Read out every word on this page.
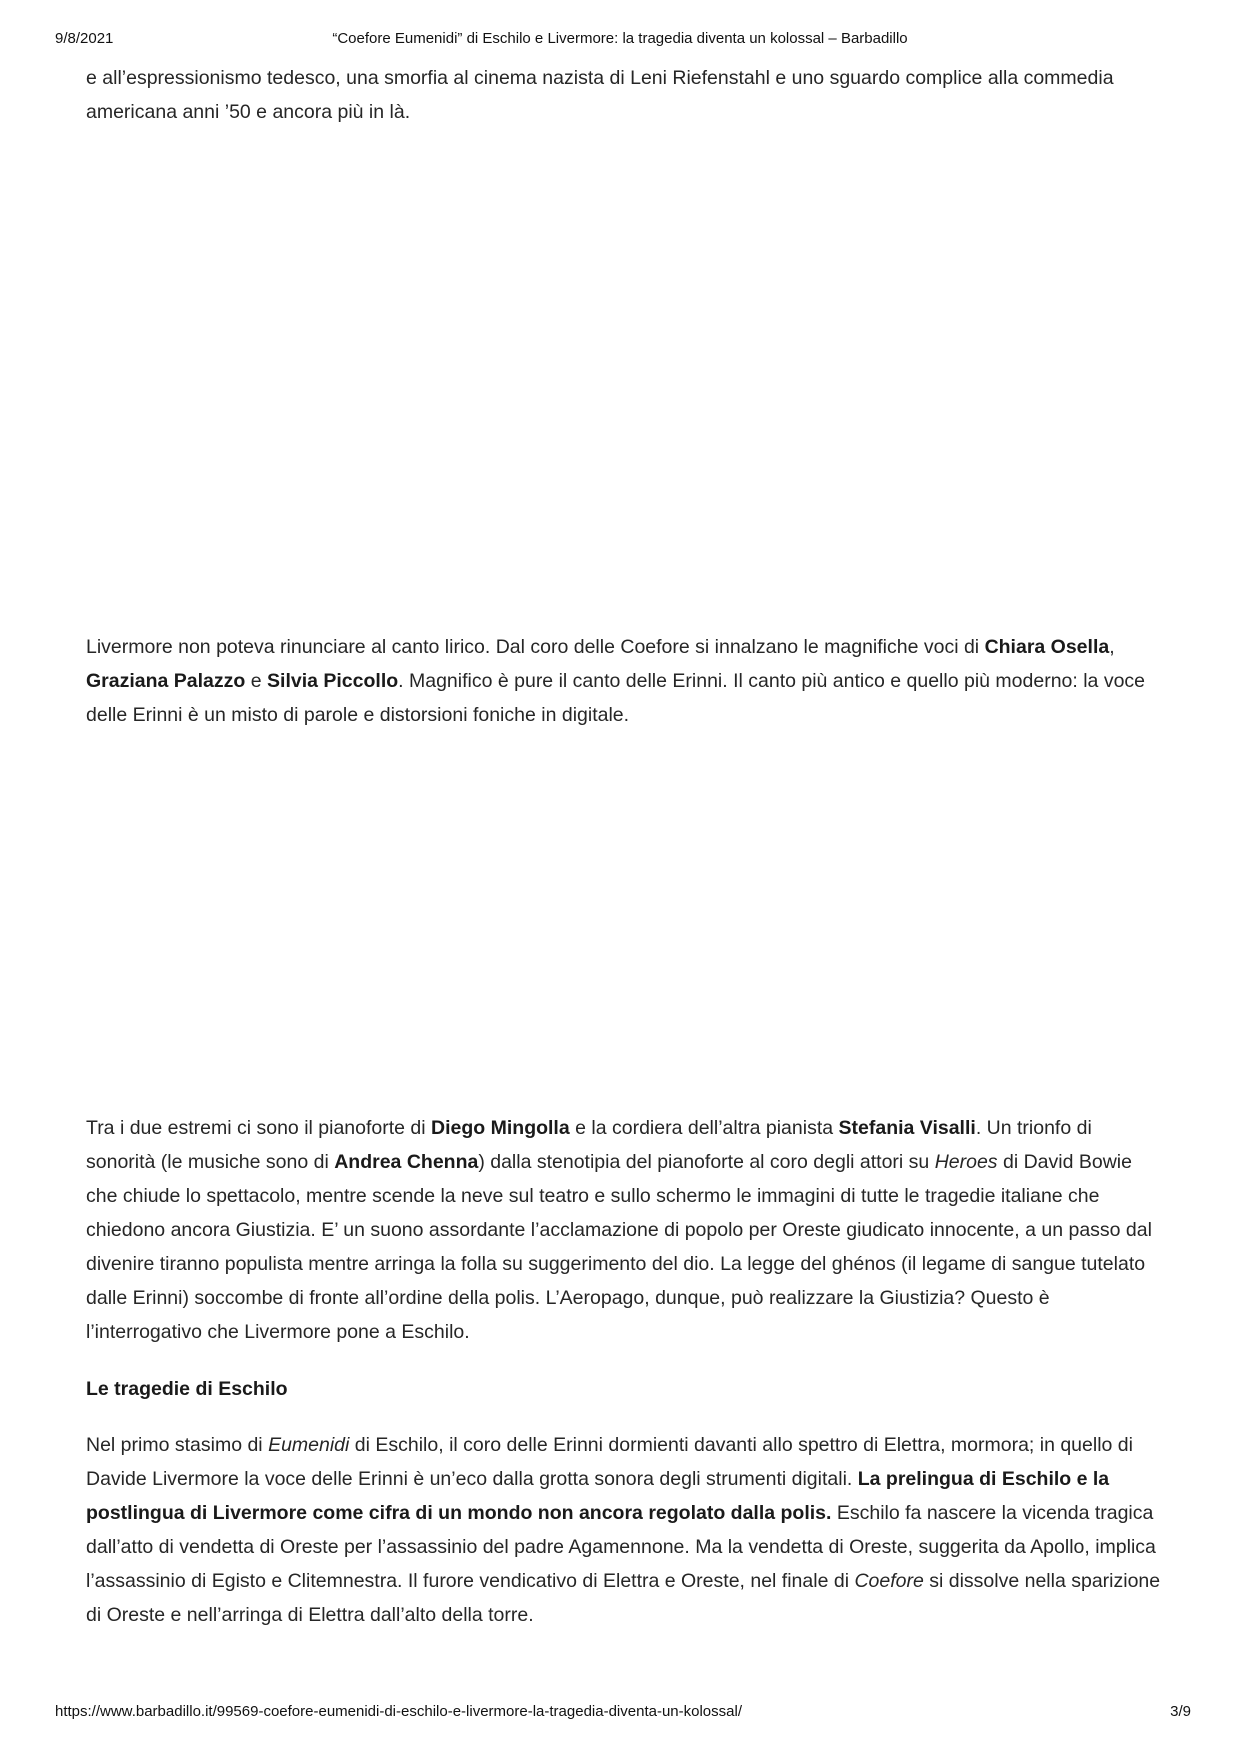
9/8/2021	“Coefore Eumenidi” di Eschilo e Livermore: la tragedia diventa un kolossal – Barbadillo

e all’espressionismo tedesco, una smorfia al cinema nazista di Leni Riefenstahl e uno sguardo complice alla commedia americana anni ’50 e ancora più in là.

Livermore non poteva rinunciare al canto lirico. Dal coro delle Coefore si innalzano le magnifiche voci di Chiara Osella, Graziana Palazzo e Silvia Piccollo. Magnifico è pure il canto delle Erinni. Il canto più antico e quello più moderno: la voce delle Erinni è un misto di parole e distorsioni foniche in digitale.

Tra i due estremi ci sono il pianoforte di Diego Mingolla e la cordiera dell’altra pianista Stefania Visalli. Un trionfo di sonorità (le musiche sono di Andrea Chenna) dalla stenotipia del pianoforte al coro degli attori su Heroes di David Bowie che chiude lo spettacolo, mentre scende la neve sul teatro e sullo schermo le immagini di tutte le tragedie italiane che chiedono ancora Giustizia. E’ un suono assordante l’acclamazione di popolo per Oreste giudicato innocente, a un passo dal divenire tiranno populista mentre arringa la folla su suggerimento del dio. La legge del ghénos (il legame di sangue tutelato dalle Erinni) soccombe di fronte all’ordine della polis. L’Aeropago, dunque, può realizzare la Giustizia? Questo è l’interrogativo che Livermore pone a Eschilo.

Le tragedie di Eschilo

Nel primo stasimo di Eumenidi di Eschilo, il coro delle Erinni dormienti davanti allo spettro di Elettra, mormora; in quello di Davide Livermore la voce delle Erinni è un’eco dalla grotta sonora degli strumenti digitali. La prelingua di Eschilo e la postlingua di Livermore come cifra di un mondo non ancora regolato dalla polis. Eschilo fa nascere la vicenda tragica dall’atto di vendetta di Oreste per l’assassinio del padre Agamennone. Ma la vendetta di Oreste, suggerita da Apollo, implica l’assassinio di Egisto e Clitemnestra. Il furore vendicativo di Elettra e Oreste, nel finale di Coefore si dissolve nella sparizione di Oreste e nell’arringa di Elettra dall’alto della torre.

https://www.barbadillo.it/99569-coefore-eumenidi-di-eschilo-e-livermore-la-tragedia-diventa-un-kolossal/	3/9
